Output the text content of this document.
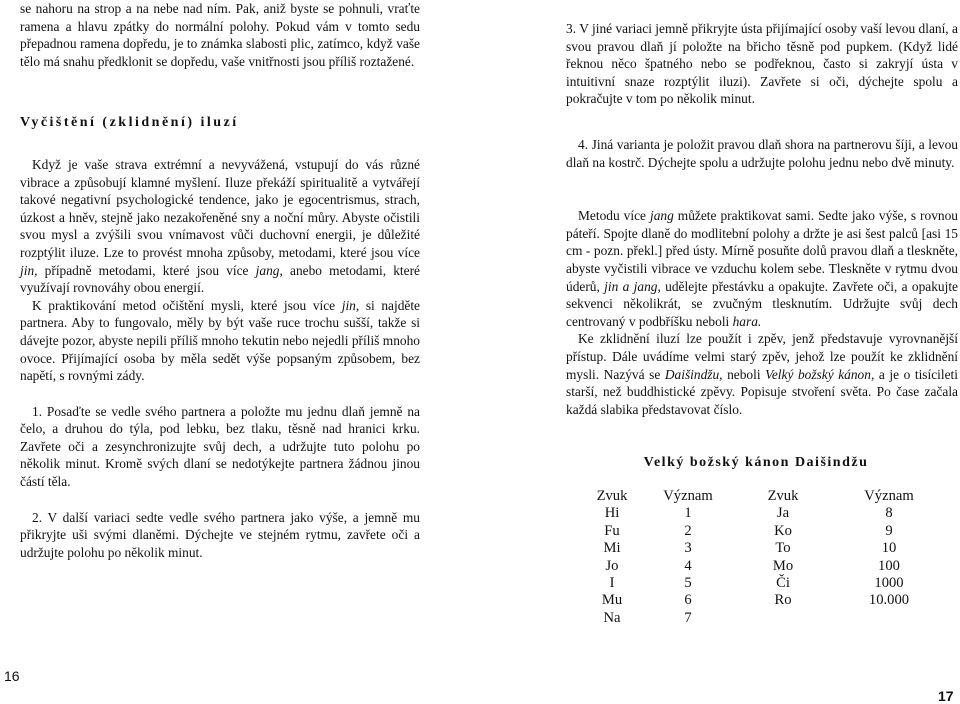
se nahoru na strop a na nebe nad ním. Pak, aniž byste se pohnuli, vraťte ramena a hlavu zpátky do normální polohy. Pokud vám v tomto sedu přepadnou ramena dopředu, je to známka slabosti plic, zatímco, když vaše tělo má snahu předklonit se dopředu, vaše vnitřnosti jsou příliš roztažené.

Vyčištění (zklidnění) iluzí

Když je vaše strava extrémní a nevyvážená, vstupují do vás různé vibrace a způsobují klamné myšlení. Iluze překáží spiritualitě a vytvářejí takové negativní psychologické tendence, jako je egocentrismus, strach, úzkost a hněv, stejně jako nezakořeněné sny a noční můry. Abyste očistili svou mysl a zvýšili svou vnímavost vůči duchovní energii, je důležité rozptýlit iluze. Lze to provést mnoha způsoby, metodami, které jsou více jin, případně metodami, které jsou více jang, anebo metodami, které využívají rovnováhy obou energií.

K praktikování metod očištění mysli, které jsou více jin, si najděte partnera. Aby to fungovalo, měly by být vaše ruce trochu sušší, takže si dávejte pozor, abyste nepili příliš mnoho tekutin nebo nejedli příliš mnoho ovoce. Přijímající osoba by měla sedět výše popsaným způsobem, bez napětí, s rovnými zády.

1. Posaďte se vedle svého partnera a položte mu jednu dlaň jemně na čelo, a druhou do týla, pod lebku, bez tlaku, těsně nad hranici krku. Zavřete oči a zesynchronizujte svůj dech, a udržujte tuto polohu po několik minut. Kromě svých dlaní se nedotýkejte partnera žádnou jinou částí těla.

2. V další variaci sedte vedle svého partnera jako výše, a jemně mu přikryjte uši svými dlaněmi. Dýchejte ve stejném rytmu, zavřete oči a udržujte polohu po několik minut.

3. V jiné variaci jemně přikryjte ústa přijímající osoby vaší levou dlaní, a svou pravou dlaň jí položte na břicho těsně pod pupkem. (Když lidé řeknou něco špatného nebo se podřeknou, často si zakryjí ústa v intuitivní snaze rozptýlit iluzi). Zavřete si oči, dýchejte spolu a pokračujte v tom po několik minut.

4. Jiná varianta je položit pravou dlaň shora na partnerovu šíji, a levou dlaň na kostrč. Dýchejte spolu a udržujte polohu jednu nebo dvě minuty.

Metodu více jang můžete praktikovat sami. Sedte jako výše, s rovnou páteří. Spojte dlaně do modlitební polohy a držte je asi šest palců [asi 15 cm - pozn. překl.] před ústy. Mírně posuňte dolů pravou dlaň a tleskněte, abyste vyčistili vibrace ve vzduchu kolem sebe. Tleskněte v rytmu dvou úderů, jin a jang, udělejte přestávku a opakujte. Zavřete oči, a opakujte sekvenci několikrát, se zvučným tlesknutím. Udržujte svůj dech centrovaný v podbříšku neboli hara.

Ke zklidnění iluzí lze použít i zpěv, jenž představuje vyrovnanější přístup. Dále uvádíme velmi starý zpěv, jehož lze použít ke zklidnění mysli. Nazývá se Daišindžu, neboli Velký božský kánon, a je o tisícileti starší, než buddhistické zpěvy. Popisuje stvoření světa. Po čase začala každá slabika představovat číslo.

Velký božský kánon Daišindžu
Zvuk	Význam	Zvuk	Význam
Hi	1	Ja	8
Fu	2	Ko	9
Mi	3	To	10
Jo	4	Mo	100
I	5	Či	1000
Mu	6	Ro	10.000
Na	7		
16
17
